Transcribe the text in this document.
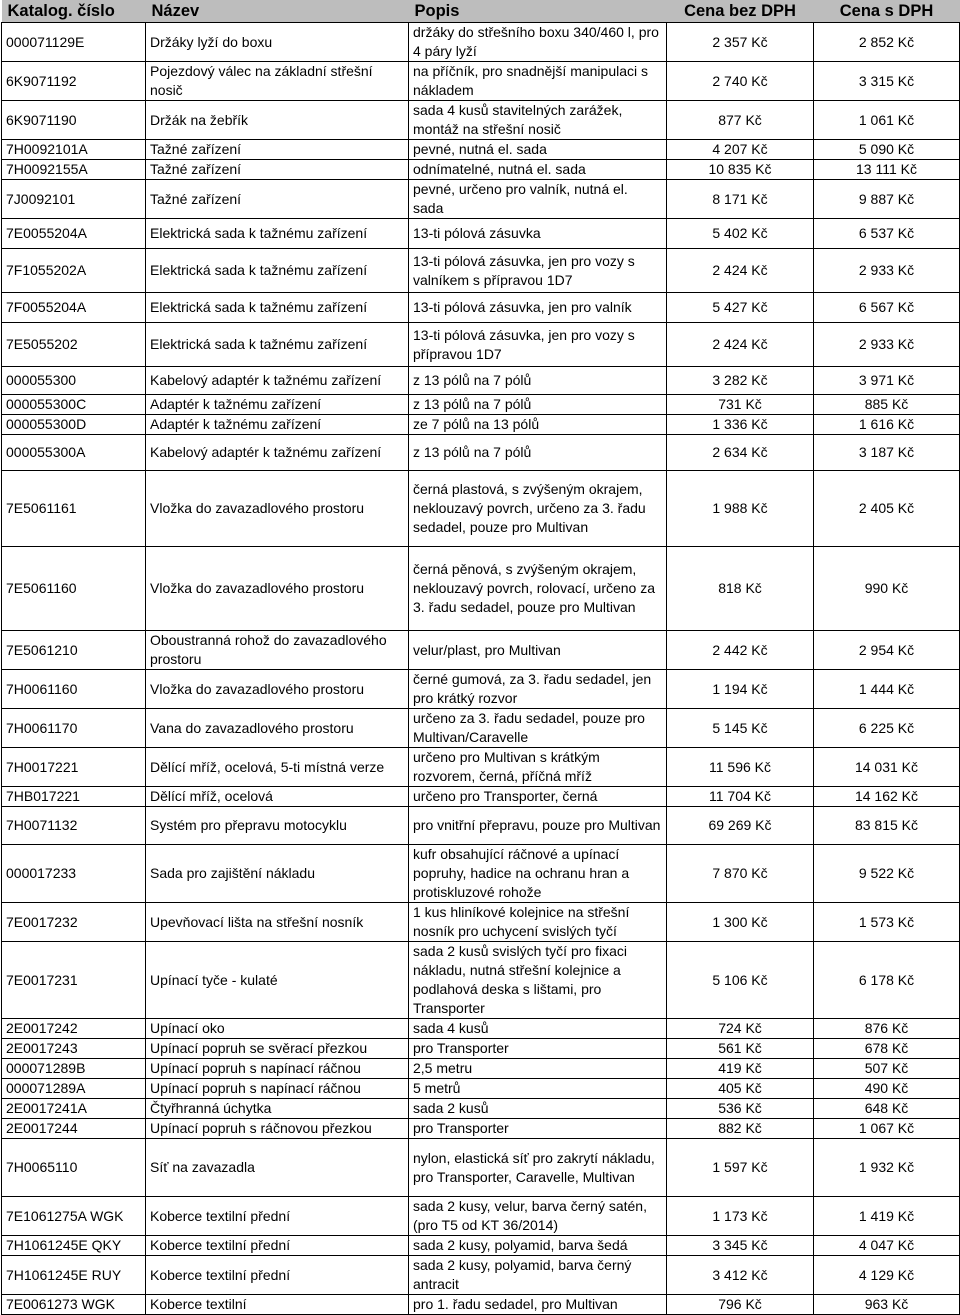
Katalog. číslo	Název	Popis	Cena bez DPH	Cena s DPH
000071129E	Držáky lyží do boxu	držáky do střešního boxu 340/460 l, pro 4 páry lyží	2 357 Kč	2 852 Kč
6K9071192	Pojezdový válec na základní střešní nosič	na příčník, pro snadnější manipulaci s nákladem	2 740 Kč	3 315 Kč
6K9071190	Držák na žebřík	sada 4 kusů stavitelných zarážek, montáž na střešní nosič	877 Kč	1 061 Kč
7H0092101A	Tažné zařízení	pevné, nutná el. sada	4 207 Kč	5 090 Kč
7H0092155A	Tažné zařízení	odnímatelné, nutná el. sada	10 835 Kč	13 111 Kč
7J0092101	Tažné zařízení	pevné, určeno pro valník, nutná el. sada	8 171 Kč	9 887 Kč
7E0055204A	Elektrická sada k tažnému zařízení	13-ti pólová zásuvka	5 402 Kč	6 537 Kč
7F1055202A	Elektrická sada k tažnému zařízení	13-ti pólová zásuvka, jen pro vozy s valníkem s přípravou 1D7	2 424 Kč	2 933 Kč
7F0055204A	Elektrická sada k tažnému zařízení	13-ti pólová zásuvka, jen pro valník	5 427 Kč	6 567 Kč
7E5055202	Elektrická sada k tažnému zařízení	13-ti pólová zásuvka, jen pro vozy s přípravou 1D7	2 424 Kč	2 933 Kč
000055300	Kabelový adaptér k tažnému zařízení	z 13 pólů na 7 pólů	3 282 Kč	3 971 Kč
000055300C	Adaptér k tažnému zařízení	z 13 pólů na 7 pólů	731 Kč	885 Kč
000055300D	Adaptér k tažnému zařízení	ze 7 pólů na 13 pólů	1 336 Kč	1 616 Kč
000055300A	Kabelový adaptér k tažnému zařízení	z 13 pólů na 7 pólů	2 634 Kč	3 187 Kč
7E5061161	Vložka do zavazadlového prostoru	černá plastová, s zvýšeným okrajem, neklouzavý povrch, určeno za 3. řadu sedadel, pouze pro Multivan	1 988 Kč	2 405 Kč
7E5061160	Vložka do zavazadlového prostoru	černá pěnová, s zvýšeným okrajem, neklouzavý povrch, rolovací, určeno za 3. řadu sedadel, pouze pro Multivan	818 Kč	990 Kč
7E5061210	Oboustranná rohož do zavazadlového prostoru	velur/plast, pro Multivan	2 442 Kč	2 954 Kč
7H0061160	Vložka do zavazadlového prostoru	černé gumová, za 3. řadu sedadel, jen pro krátký rozvor	1 194 Kč	1 444 Kč
7H0061170	Vana do zavazadlového prostoru	určeno za 3. řadu sedadel, pouze pro Multivan/Caravelle	5 145 Kč	6 225 Kč
7H0017221	Dělící mříž, ocelová, 5-ti místná verze	určeno pro Multivan s krátkým rozvorem, černá, příčná mříž	11 596 Kč	14 031 Kč
7HB017221	Dělící mříž, ocelová	určeno pro Transporter, černá	11 704 Kč	14 162 Kč
7H0071132	Systém pro přepravu motocyklu	pro vnitřní přepravu, pouze pro Multivan	69 269 Kč	83 815 Kč
000017233	Sada pro zajištění nákladu	kufr obsahující ráčnové a upínací popruhy, hadice na ochranu hran a protiskluzové rohože	7 870 Kč	9 522 Kč
7E0017232	Upevňovací lišta na střešní nosník	1 kus hliníkové kolejnice na střešní nosník pro uchycení svislých tyčí	1 300 Kč	1 573 Kč
7E0017231	Upínací tyče - kulaté	sada 2 kusů svislých tyčí pro fixaci nákladu, nutná střešní kolejnice a podlahová deska s lištami, pro Transporter	5 106 Kč	6 178 Kč
2E0017242	Upínací oko	sada 4 kusů	724 Kč	876 Kč
2E0017243	Upínací popruh se svěrací přezkou	pro Transporter	561 Kč	678 Kč
000071289B	Upínací popruh s napínací ráčnou	2,5 metru	419 Kč	507 Kč
000071289A	Upínací popruh s napínací ráčnou	5 metrů	405 Kč	490 Kč
2E0017241A	Čtyřhranná úchytka	sada 2 kusů	536 Kč	648 Kč
2E0017244	Upínací popruh s ráčnovou přezkou	pro Transporter	882 Kč	1 067 Kč
7H0065110	Síť na zavazadla	nylon, elastická síť pro zakrytí nákladu, pro Transporter, Caravelle, Multivan	1 597 Kč	1 932 Kč
7E1061275A WGK	Koberce textilní přední	sada 2 kusy, velur, barva černý satén, (pro T5 od KT 36/2014)	1 173 Kč	1 419 Kč
7H1061245E QKY	Koberce textilní přední	sada 2 kusy, polyamid, barva šedá	3 345 Kč	4 047 Kč
7H1061245E RUY	Koberce textilní přední	sada 2 kusy, polyamid, barva černý antracit	3 412 Kč	4 129 Kč
7E0061273 WGK	Koberce textilní	pro 1. řadu sedadel, pro Multivan	796 Kč	963 Kč
